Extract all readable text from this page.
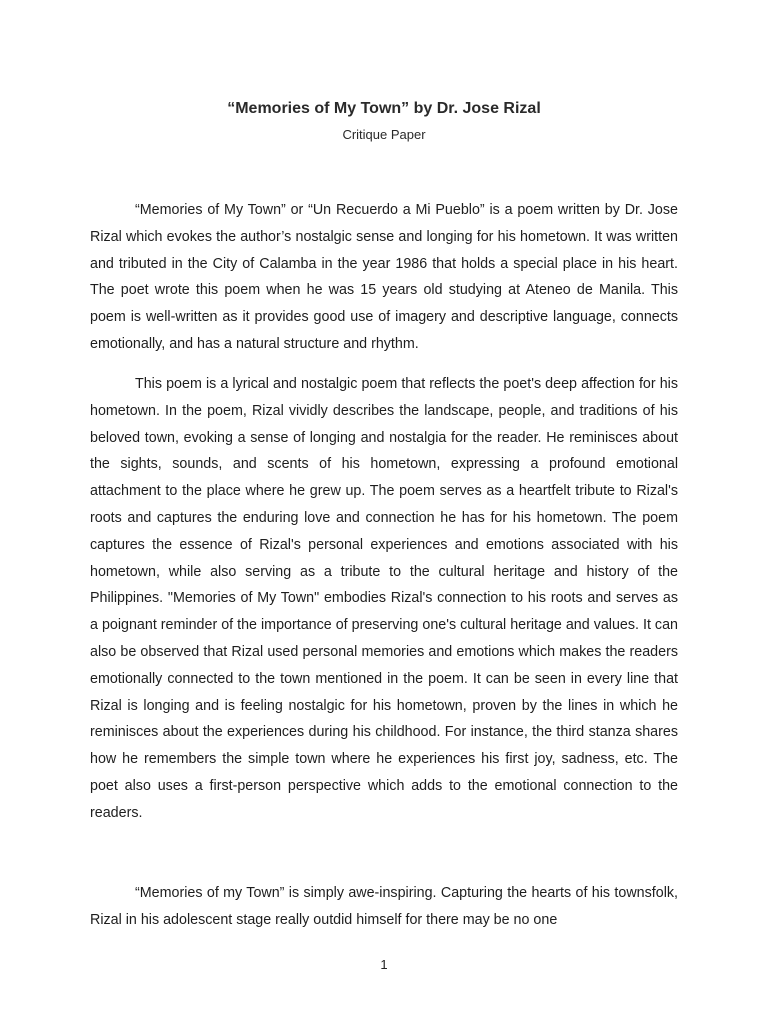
“Memories of My Town” by Dr. Jose Rizal
Critique Paper

“Memories of My Town” or “Un Recuerdo a Mi Pueblo” is a poem written by Dr. Jose Rizal which evokes the author’s nostalgic sense and longing for his hometown. It was written and tributed in the City of Calamba in the year 1986 that holds a special place in his heart. The poet wrote this poem when he was 15 years old studying at Ateneo de Manila. This poem is well-written as it provides good use of imagery and descriptive language, connects emotionally, and has a natural structure and rhythm.

This poem is a lyrical and nostalgic poem that reflects the poet's deep affection for his hometown. In the poem, Rizal vividly describes the landscape, people, and traditions of his beloved town, evoking a sense of longing and nostalgia for the reader. He reminisces about the sights, sounds, and scents of his hometown, expressing a profound emotional attachment to the place where he grew up. The poem serves as a heartfelt tribute to Rizal's roots and captures the enduring love and connection he has for his hometown. The poem captures the essence of Rizal's personal experiences and emotions associated with his hometown, while also serving as a tribute to the cultural heritage and history of the Philippines. "Memories of My Town" embodies Rizal's connection to his roots and serves as a poignant reminder of the importance of preserving one's cultural heritage and values. It can also be observed that Rizal used personal memories and emotions which makes the readers emotionally connected to the town mentioned in the poem. It can be seen in every line that Rizal is longing and is feeling nostalgic for his hometown, proven by the lines in which he reminisces about the experiences during his childhood. For instance, the third stanza shares how he remembers the simple town where he experiences his first joy, sadness, etc. The poet also uses a first-person perspective which adds to the emotional connection to the readers.

“Memories of my Town” is simply awe-inspiring. Capturing the hearts of his townsfolk, Rizal in his adolescent stage really outdid himself for there may be no one

1
